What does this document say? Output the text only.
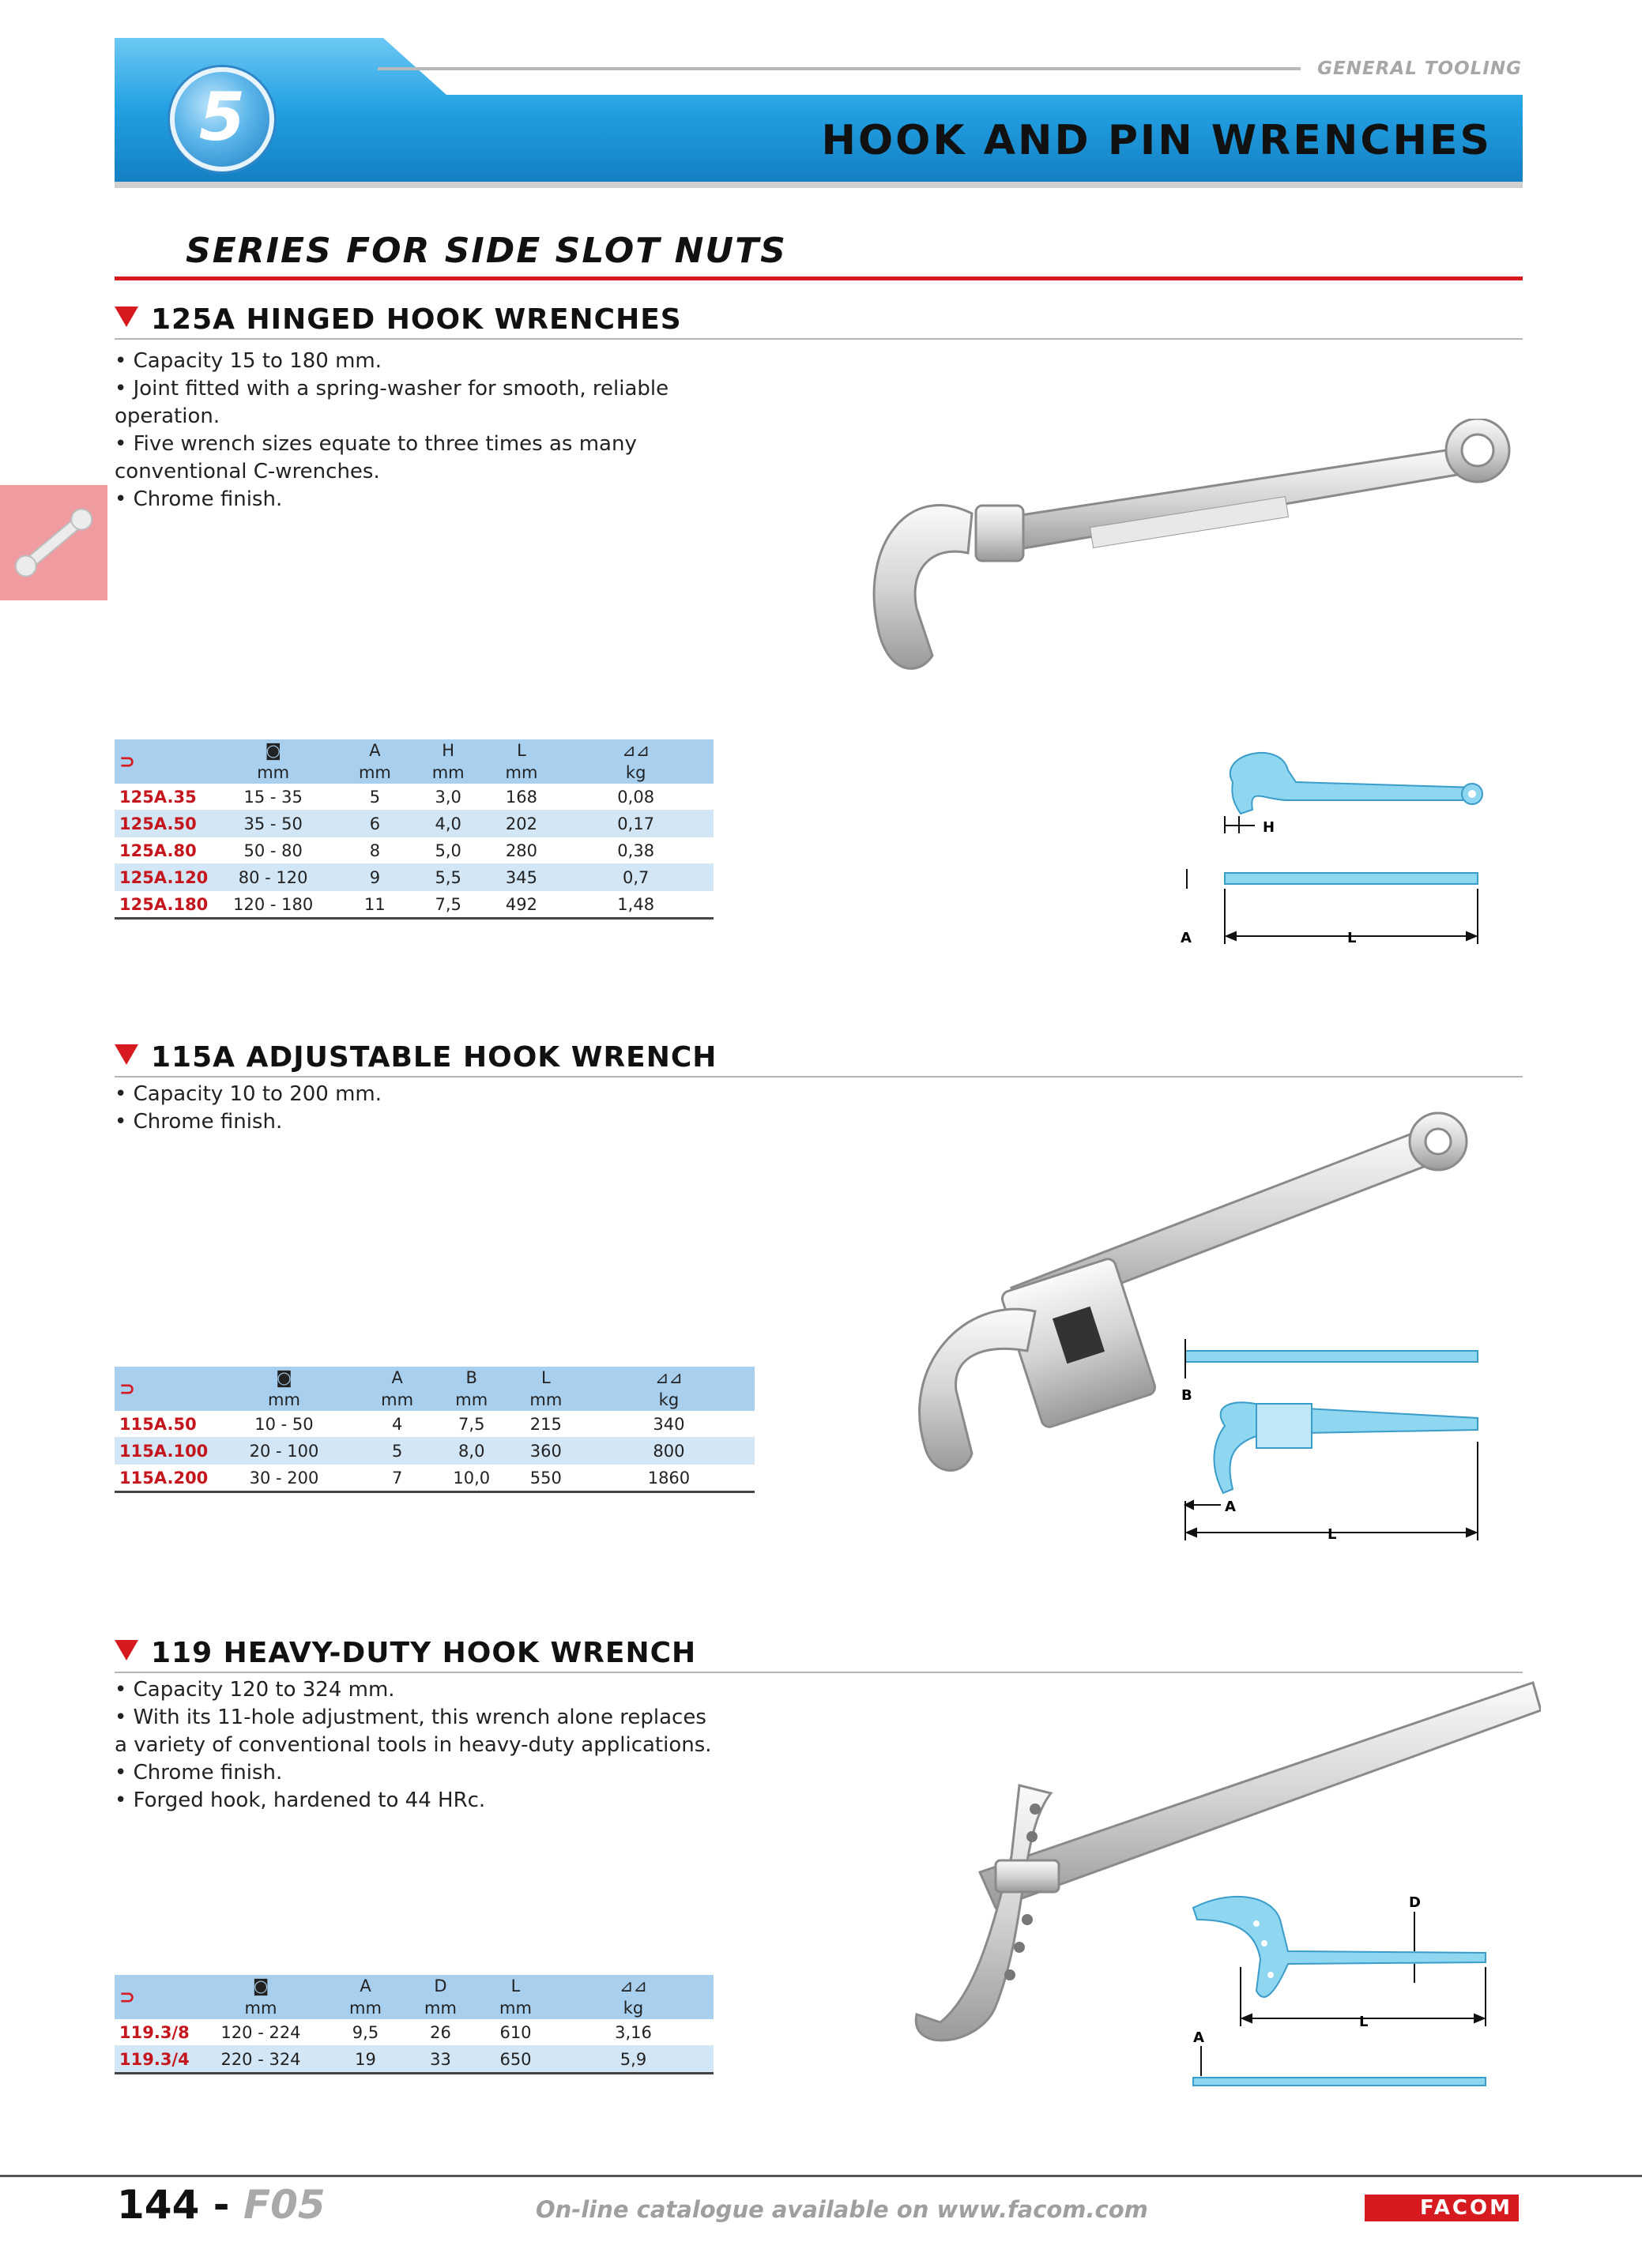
GENERAL TOOLING
5	HOOK AND PIN WRENCHES
SERIES FOR SIDE SLOT NUTS
125A HINGED HOOK WRENCHES

• Capacity 15 to 180 mm.

• Joint fitted with a spring-washer for smooth, reliable operation.

• Five wrench sizes equate to three times as many conventional C-wrenches.

• Chrome finish.

⊃	◙	A	H	L	⊿⊿
	mm	mm	mm	mm	kg
125A.35	15 - 35	5	3,0	168	0,08
125A.50	35 - 50	6	4,0	202	0,17
125A.80	50 - 80	8	5,0	280	0,38
125A.120	80 - 120	9	5,5	345	0,7
125A.180	120 - 180	11	7,5	492	1,48
H
A	L
115A ADJUSTABLE HOOK WRENCH

• Capacity 10 to 200 mm.

• Chrome finish.

⊃	◙	A	B	L	⊿⊿
	mm	mm	mm	mm	kg
115A.50	10 - 50	4	7,5	215	340
115A.100	20 - 100	5	8,0	360	800
115A.200	30 - 200	7	10,0	550	1860
B
A
L
119 HEAVY-DUTY HOOK WRENCH

• Capacity 120 to 324 mm.

• With its 11-hole adjustment, this wrench alone replaces a variety of conventional tools in heavy-duty applications.

• Chrome finish.

• Forged hook, hardened to 44 HRc.

⊃	◙	A	D	L	⊿⊿
	mm	mm	mm	mm	kg
119.3/8	120 - 224	9,5	26	610	3,16
119.3/4	220 - 324	19	33	650	5,9
D
L
A
144 - F05	On-line catalogue available on www.facom.com	FACOM
